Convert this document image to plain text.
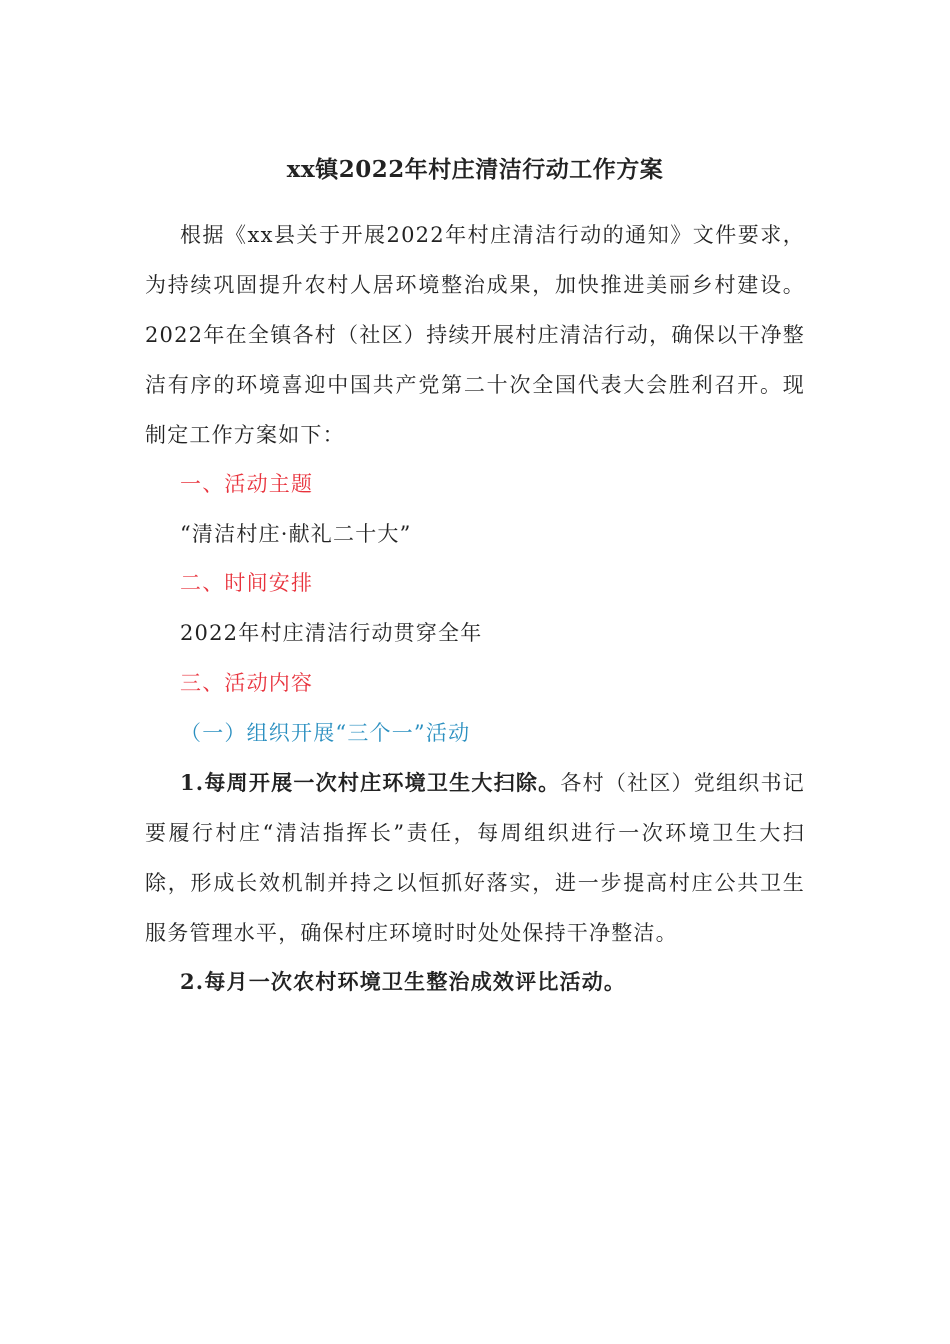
xx镇2022年村庄清洁行动工作方案

根据《xx县关于开展2022年村庄清洁行动的通知》文件要求，为持续巩固提升农村人居环境整治成果，加快推进美丽乡村建设。2022年在全镇各村（社区）持续开展村庄清洁行动，确保以干净整洁有序的环境喜迎中国共产党第二十次全国代表大会胜利召开。现制定工作方案如下：

一、活动主题
“清洁村庄·献礼二十大”
二、时间安排
2022年村庄清洁行动贯穿全年
三、活动内容
（一）组织开展“三个一”活动

1.每周开展一次村庄环境卫生大扫除。各村（社区）党组织书记要履行村庄“清洁指挥长”责任，每周组织进行一次环境卫生大扫除，形成长效机制并持之以恒抓好落实，进一步提高村庄公共卫生服务管理水平，确保村庄环境时时处处保持干净整洁。

2.每月一次农村环境卫生整治成效评比活动。
